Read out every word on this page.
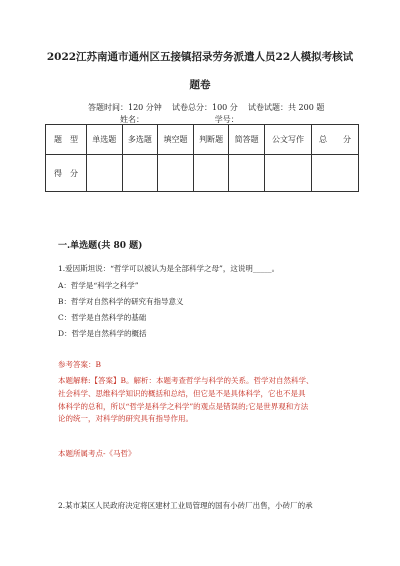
2022江苏南通市通州区五接镇招录劳务派遣人员22人模拟考核试
题卷
答题时间：120 分钟 试卷总分：100 分 试卷试题：共 200 题
姓名：	学号：
题　型	单选题	多选题	填空题	判断题	简答题	公文写作	总　　分
得　分							
一.单选题(共 80 题)
1.爱因斯坦说：“哲学可以被认为是全部科学之母”，这说明_____。
A：哲学是“科学之科学”
B：哲学对自然科学的研究有指导意义
C：哲学是自然科学的基础
D：哲学是自然科学的概括
参考答案：B
本题解释:【答案】B。解析：本题考查哲学与科学的关系。哲学对自然科学、
社会科学、思维科学知识的概括和总结，但它是不是具体科学，它也不是具
体科学的总和，所以“哲学是科学之科学”的观点是错误的;它是世界观和方法
论的统一，对科学的研究具有指导作用。
本题所属考点-《马哲》
2.某市某区人民政府决定将区建材工业局管理的国有小砖厂出售，小砖厂的承
